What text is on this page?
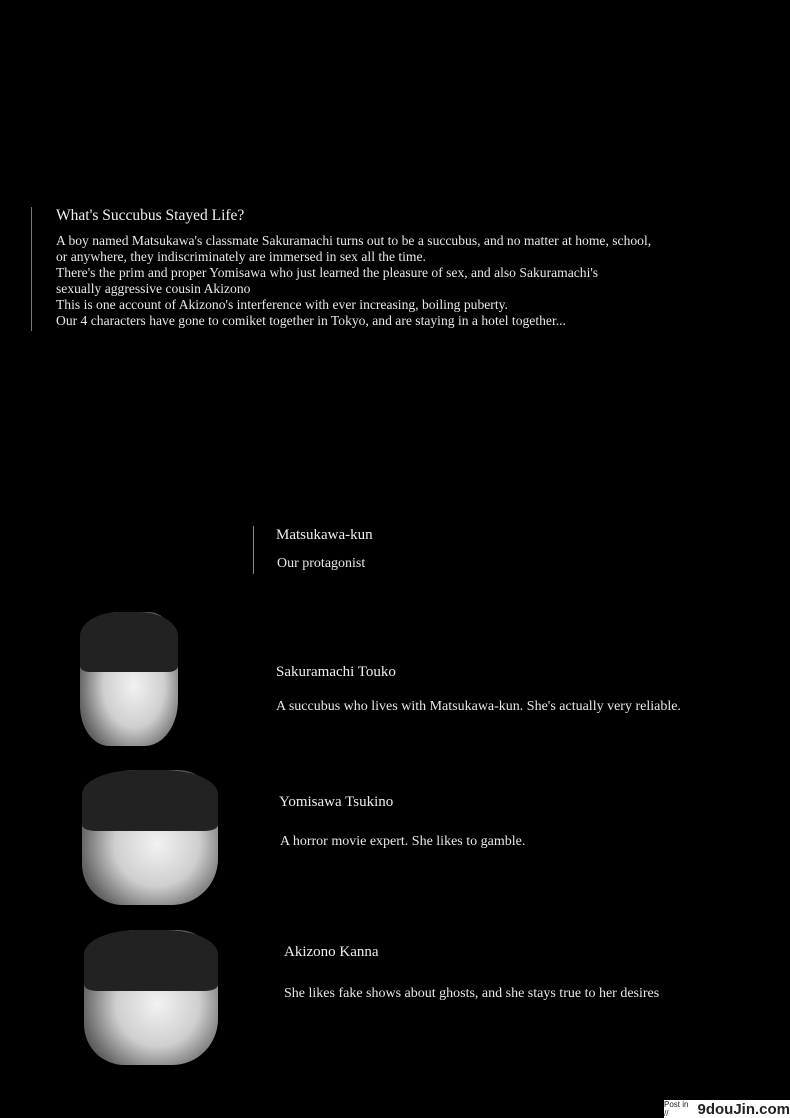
What's Succubus Stayed Life?
A boy named Matsukawa's classmate Sakuramachi turns out to be a succubus, and no matter at home, school,
or anywhere, they indiscriminately are immersed in sex all the time.
There's the prim and proper Yomisawa who just learned the pleasure of sex, and also Sakuramachi's
sexually aggressive cousin Akizono
This is one account of Akizono's interference with ever increasing, boiling puberty.
Our 4 characters have gone to comiket together in Tokyo, and are staying in a hotel together...
Matsukawa-kun
Our protagonist
Sakuramachi Touko
A succubus who lives with Matsukawa-kun. She's actually very reliable.
Yomisawa Tsukino
A horror movie expert. She likes to gamble.
Akizono Kanna
She likes fake shows about ghosts, and she stays true to her desires
Post in //	9douJin.com
